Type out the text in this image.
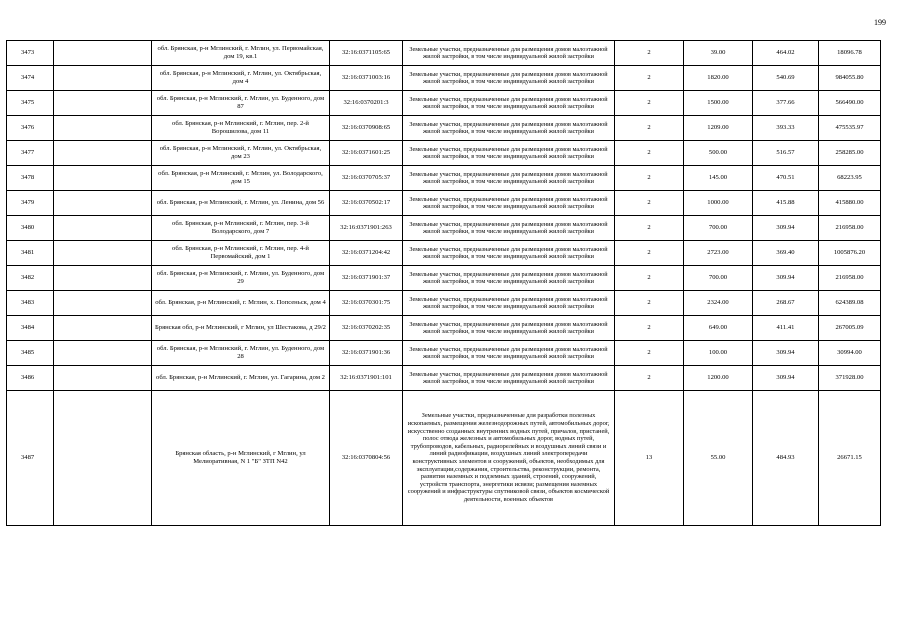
199
3473		обл. Брянская, р-н Мглинский, г. Мглин, ул. Первомайская, дом 19, кв.1	32:16:0371105:65	Земельные участки, предназначенные для размещения домов малоэтажной жилой застройки, в том числе индивидуальной жилой застройки	2	39.00	464.02	18096.78
3474		обл. Брянская, р-н Мглинский, г. Мглин, ул. Октябрьская, дом 4	32:16:0371003:16	Земельные участки, предназначенные для размещения домов малоэтажной жилой застройки, в том числе индивидуальной жилой застройки	2	1820.00	540.69	984055.80
3475		обл. Брянская, р-н Мглинский, г. Мглин, ул. Буденного, дом 87	32:16:0370201:3	Земельные участки, предназначенные для размещения домов малоэтажной жилой застройки, в том числе индивидуальной жилой застройки	2	1500.00	377.66	566490.00
3476		обл. Брянская, р-н Мглинский, г. Мглин, пер. 2-й Ворошилова, дом 11	32:16:0370908:65	Земельные участки, предназначенные для размещения домов малоэтажной жилой застройки, в том числе индивидуальной жилой застройки	2	1209.00	393.33	475535.97
3477		обл. Брянская, р-н Мглинский, г. Мглин, ул. Октябрьская, дом 23	32:16:0371601:25	Земельные участки, предназначенные для размещения домов малоэтажной жилой застройки, в том числе индивидуальной жилой застройки	2	500.00	516.57	258285.00
3478		обл. Брянская, р-н Мглинский, г. Мглин, ул. Володарского, дом 15	32:16:0370705:37	Земельные участки, предназначенные для размещения домов малоэтажной жилой застройки, в том числе индивидуальной жилой застройки	2	145.00	470.51	68223.95
3479		обл. Брянская, р-н Мглинский, г. Мглин, ул. Ленина, дом 56	32:16:0370502:17	Земельные участки, предназначенные для размещения домов малоэтажной жилой застройки, в том числе индивидуальной жилой застройки	2	1000.00	415.88	415880.00
3480		обл. Брянская, р-н Мглинский, г. Мглин, пер. 3-й Володарского, дом 7	32:16:0371901:263	Земельные участки, предназначенные для размещения домов малоэтажной жилой застройки, в том числе индивидуальной жилой застройки	2	700.00	309.94	216958.00
3481		обл. Брянская, р-н Мглинский, г. Мглин, пер. 4-й Первомайский, дом 1	32:16:0371204:42	Земельные участки, предназначенные для размещения домов малоэтажной жилой застройки, в том числе индивидуальной жилой застройки	2	2723.00	369.40	1005876.20
3482		обл. Брянская, р-н Мглинский, г. Мглин, ул. Буденного, дом 29	32:16:0371901:37	Земельные участки, предназначенные для размещения домов малоэтажной жилой застройки, в том числе индивидуальной жилой застройки	2	700.00	309.94	216958.00
3483		обл. Брянская, р-н Мглинский, г. Мглин, х. Попсеньск, дом 4	32:16:0370301:75	Земельные участки, предназначенные для размещения домов малоэтажной жилой застройки, в том числе индивидуальной жилой застройки	2	2324.00	268.67	624389.08
3484		Брянская обл, р-н Мглинский, г Мглин, ул Шестакова, д 29/2	32:16:0370202:35	Земельные участки, предназначенные для размещения домов малоэтажной жилой застройки, в том числе индивидуальной жилой застройки	2	649.00	411.41	267005.09
3485		обл. Брянская, р-н Мглинский, г. Мглин, ул. Буденного, дом 28	32:16:0371901:36	Земельные участки, предназначенные для размещения домов малоэтажной жилой застройки, в том числе индивидуальной жилой застройки	2	100.00	309.94	30994.00
3486		обл. Брянская, р-н Мглинский, г. Мглин, ул. Гагарина, дом 2	32:16:0371901:101	Земельные участки, предназначенные для размещения домов малоэтажной жилой застройки, в том числе индивидуальной жилой застройки	2	1200.00	309.94	371928.00
3487		Брянская область, р-н Мглинский, г Мглин, ул Мелиоративная, N 1 "Б" ЗТП N42	32:16:0370804:56	Земельные участки, предназначенные для разработки полезных ископаемых, размещения железнодорожных путей, автомобильных дорог, искусственно созданных внутренних водных путей, причалов, пристаней, полос отвода железных и автомобильных дорог, водных путей, трубопроводов, кабельных, радиорелейных и воздушных линий связи и линий радиофикации, воздушных линий электропередачи конструктивных элементов и сооружений, объектов, необходимых для эксплуатации,содержания, строительства, реконструкции, ремонта, развития наземных и подземных зданий, строений, сооружений, устройств транспорта, энергетики исвязи; размещения наземных сооружений и инфраструктуры спутниковой связи, объектов космической деятельности, военных объектов	13	55.00	484.93	26671.15
